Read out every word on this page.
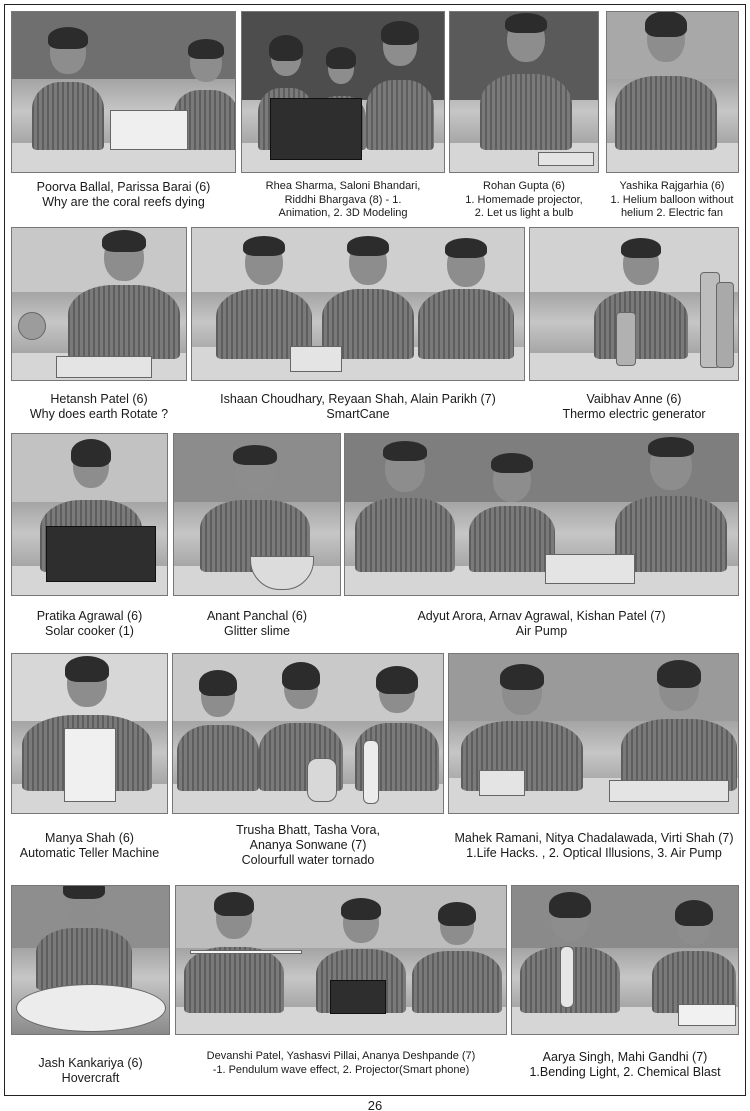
Poorva Ballal, Parissa Barai (6)
Why are the coral reefs dying
Rhea Sharma, Saloni Bhandari,
Riddhi Bhargava (8) - 1.
Animation, 2. 3D Modeling
Rohan Gupta (6)
1. Homemade projector,
2. Let us light a bulb
Yashika Rajgarhia (6)
1. Helium balloon without
helium 2. Electric fan
Hetansh Patel (6)
Why does earth Rotate ?
Ishaan Choudhary, Reyaan Shah, Alain Parikh (7)
SmartCane
Vaibhav Anne (6)
Thermo electric generator
Pratika Agrawal (6)
Solar cooker (1)
Anant Panchal (6)
Glitter slime
Adyut Arora, Arnav Agrawal, Kishan Patel (7)
Air Pump
Manya Shah (6)
Automatic Teller Machine
Trusha Bhatt, Tasha Vora,
Ananya Sonwane (7)
Colourfull water tornado
Mahek Ramani, Nitya Chadalawada, Virti Shah (7)
1.Life Hacks. , 2. Optical Illusions, 3. Air Pump
Jash Kankariya (6)
Hovercraft
Devanshi Patel, Yashasvi Pillai, Ananya Deshpande (7)
-1. Pendulum wave effect, 2. Projector(Smart phone)
Aarya Singh, Mahi Gandhi (7)
1.Bending Light, 2. Chemical Blast
26
